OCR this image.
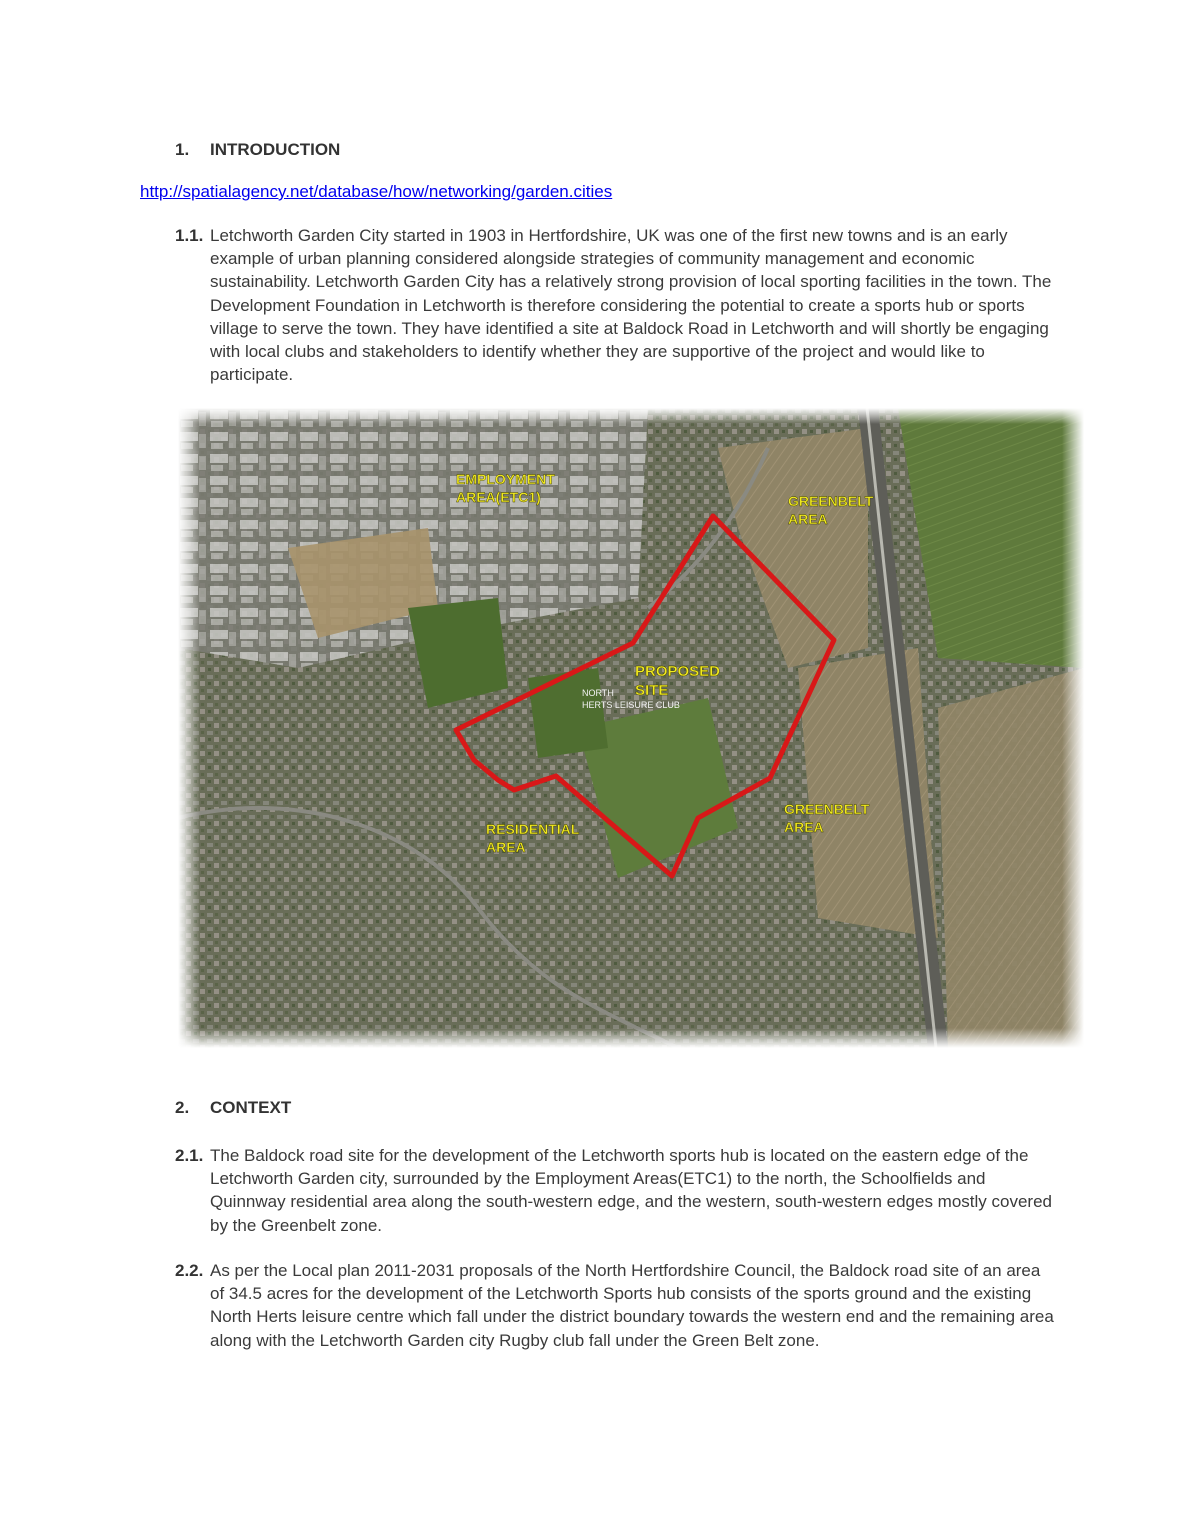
1. INTRODUCTION
http://spatialagency.net/database/how/networking/garden.cities
1.1. Letchworth Garden City started in 1903 in Hertfordshire, UK was one of the first new towns and is an early example of urban planning considered alongside strategies of community management and economic sustainability. Letchworth Garden City has a relatively strong provision of local sporting facilities in the town. The Development Foundation in Letchworth is therefore considering the potential to create a sports hub or sports village to serve the town. They have identified a site at Baldock Road in Letchworth and will shortly be engaging with local clubs and stakeholders to identify whether they are supportive of the project and would like to participate.
EMPLOYMENT
AREA(ETC1)	GREENBELT
AREA
PROPOSED
SITE
NORTH
HERTS LEISURE CLUB
RESIDENTIAL
AREA
GREENBELT
AREA
2. CONTEXT
2.1. The Baldock road site for the development of the Letchworth sports hub is located on the eastern edge of the Letchworth Garden city, surrounded by the Employment Areas(ETC1) to the north, the Schoolfields and Quinnway residential area along the south-western edge, and the western, south-western edges mostly covered by the Greenbelt zone.
2.2. As per the Local plan 2011-2031 proposals of the North Hertfordshire Council, the Baldock road site of an area of 34.5 acres for the development of the Letchworth Sports hub consists of the sports ground and the existing North Herts leisure centre which fall under the district boundary towards the western end and the remaining area along with the Letchworth Garden city Rugby club fall under the Green Belt zone.
